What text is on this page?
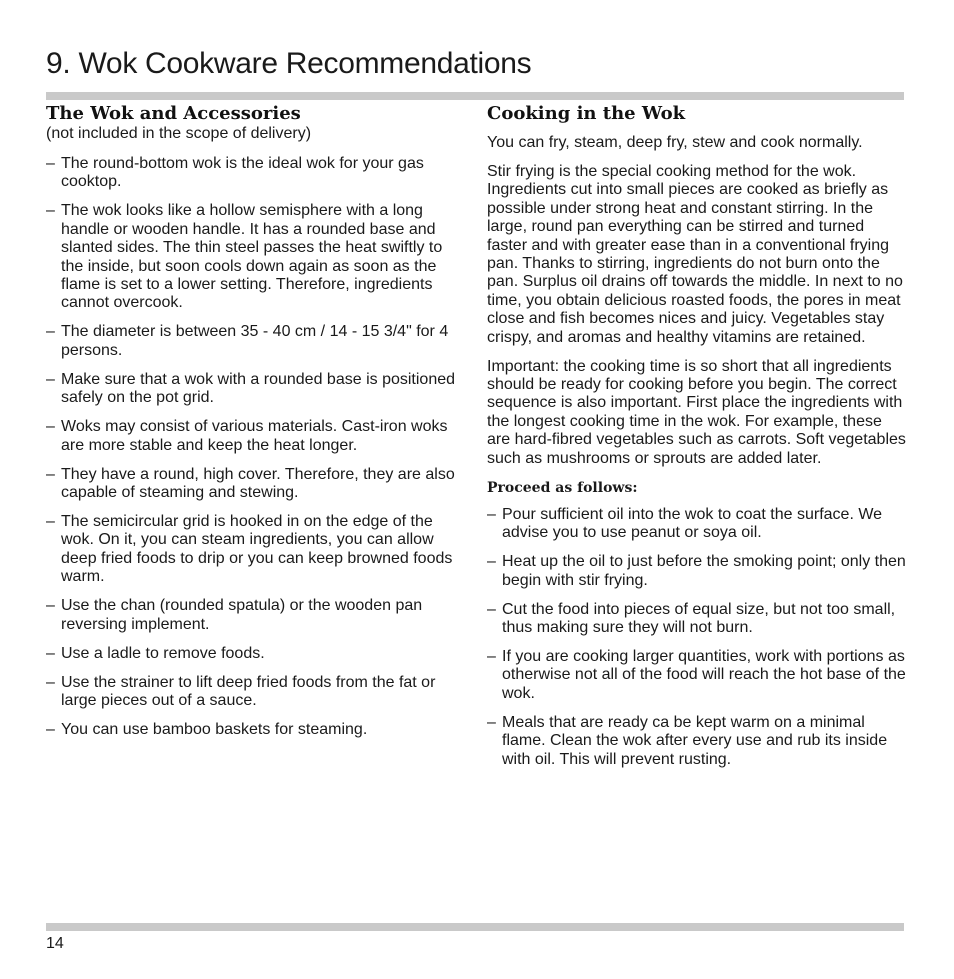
9. Wok Cookware Recommendations
The Wok and Accessories

(not included in the scope of delivery)

– The round-bottom wok is the ideal wok for your gas cooktop.
– The wok looks like a hollow semisphere with a long handle or wooden handle. It has a rounded base and slanted sides. The thin steel passes the heat swiftly to the inside, but soon cools down again as soon as the flame is set to a lower setting. Therefore, ingredients cannot overcook.
– The diameter is between 35 - 40 cm / 14 - 15 3/4" for 4 persons.
– Make sure that a wok with a rounded base is positioned safely on the pot grid.
– Woks may consist of various materials. Cast-iron woks are more stable and keep the heat longer.
– They have a round, high cover. Therefore, they are also capable of steaming and stewing.
– The semicircular grid is hooked in on the edge of the wok. On it, you can steam ingredients, you can allow deep fried foods to drip or you can keep browned foods warm.
– Use the chan (rounded spatula) or the wooden pan reversing implement.
– Use a ladle to remove foods.
– Use the strainer to lift deep fried foods from the fat or large pieces out of a sauce.
– You can use bamboo baskets for steaming.
Cooking in the Wok

You can fry, steam, deep fry, stew and cook normally.

Stir frying is the special cooking method for the wok. Ingredients cut into small pieces are cooked as briefly as possible under strong heat and constant stirring. In the large, round pan everything can be stirred and turned faster and with greater ease than in a conventional frying pan. Thanks to stirring, ingredients do not burn onto the pan. Surplus oil drains off towards the middle. In next to no time, you obtain delicious roasted foods, the pores in meat close and fish becomes nices and juicy. Vegetables stay crispy, and aromas and healthy vitamins are retained.

Important: the cooking time is so short that all ingredients should be ready for cooking before you begin. The correct sequence is also important. First place the ingredients with the longest cooking time in the wok. For example, these are hard-fibred vegetables such as carrots. Soft vegetables such as mushrooms or sprouts are added later.

Proceed as follows:

– Pour sufficient oil into the wok to coat the surface. We advise you to use peanut or soya oil.
– Heat up the oil to just before the smoking point; only then begin with stir frying.
– Cut the food into pieces of equal size, but not too small, thus making sure they will not burn.
– If you are cooking larger quantities, work with portions as otherwise not all of the food will reach the hot base of the wok.
– Meals that are ready ca be kept warm on a minimal flame. Clean the wok after every use and rub its inside with oil. This will prevent rusting.
14
